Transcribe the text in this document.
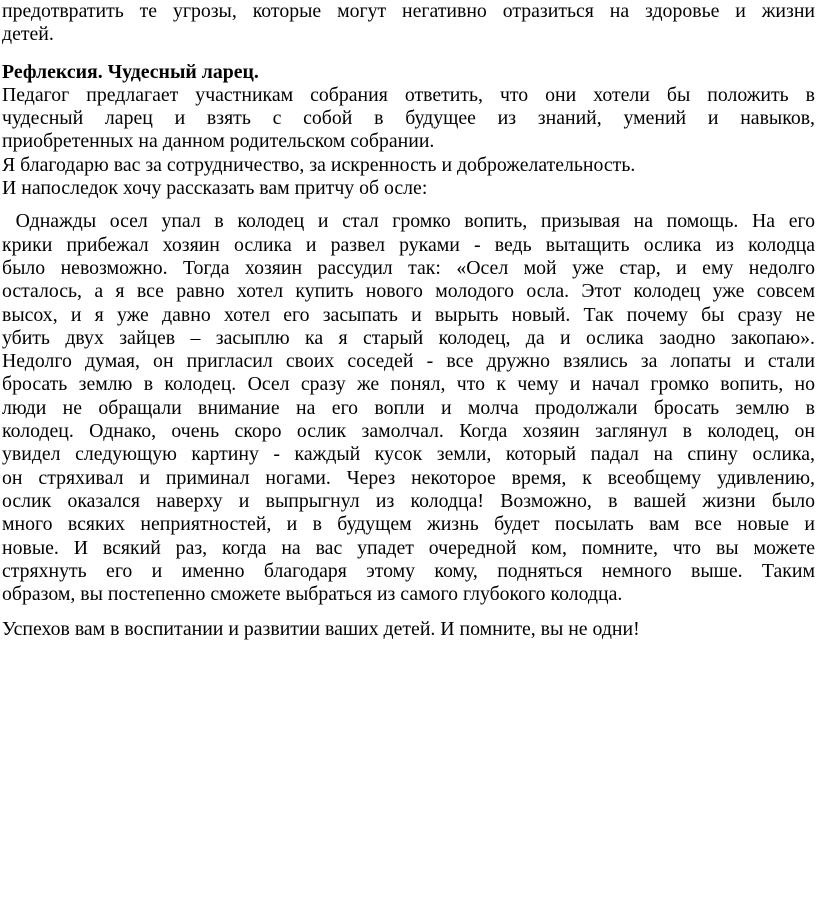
предотвратить те угрозы, которые могут негативно отразиться на здоровье и жизни
детей.
Рефлексия. Чудесный ларец.
Педагог предлагает участникам собрания ответить, что они хотели бы положить в
чудесный ларец и взять с собой в будущее из знаний, умений и навыков,
приобретенных на данном родительском собрании.
Я благодарю вас за сотрудничество, за искренность и доброжелательность.
И напоследок хочу рассказать вам притчу об осле:
Однажды осел упал в колодец и стал громко вопить, призывая на помощь. На его
крики прибежал хозяин ослика и развел руками - ведь вытащить ослика из колодца
было невозможно. Тогда хозяин рассудил так: «Осел мой уже стар, и ему недолго
осталось, а я все равно хотел купить нового молодого осла. Этот колодец уже совсем
высох, и я уже давно хотел его засыпать и вырыть новый. Так почему бы сразу не
убить двух зайцев – засыплю ка я старый колодец, да и ослика заодно закопаю».
Недолго думая, он пригласил своих соседей - все дружно взялись за лопаты и стали
бросать землю в колодец. Осел сразу же понял, что к чему и начал громко вопить, но
люди не обращали внимание на его вопли и молча продолжали бросать землю в
колодец. Однако, очень скоро ослик замолчал. Когда хозяин заглянул в колодец, он
увидел следующую картину - каждый кусок земли, который падал на спину ослика,
он стряхивал и приминал ногами. Через некоторое время, к всеобщему удивлению,
ослик оказался наверху и выпрыгнул из колодца! Возможно, в вашей жизни было
много всяких неприятностей, и в будущем жизнь будет посылать вам все новые и
новые. И всякий раз, когда на вас упадет очередной ком, помните, что вы можете
стряхнуть его и именно благодаря этому кому, подняться немного выше. Таким
образом, вы постепенно сможете выбраться из самого глубокого колодца.
Успехов вам в воспитании и развитии ваших детей. И помните, вы не одни!
